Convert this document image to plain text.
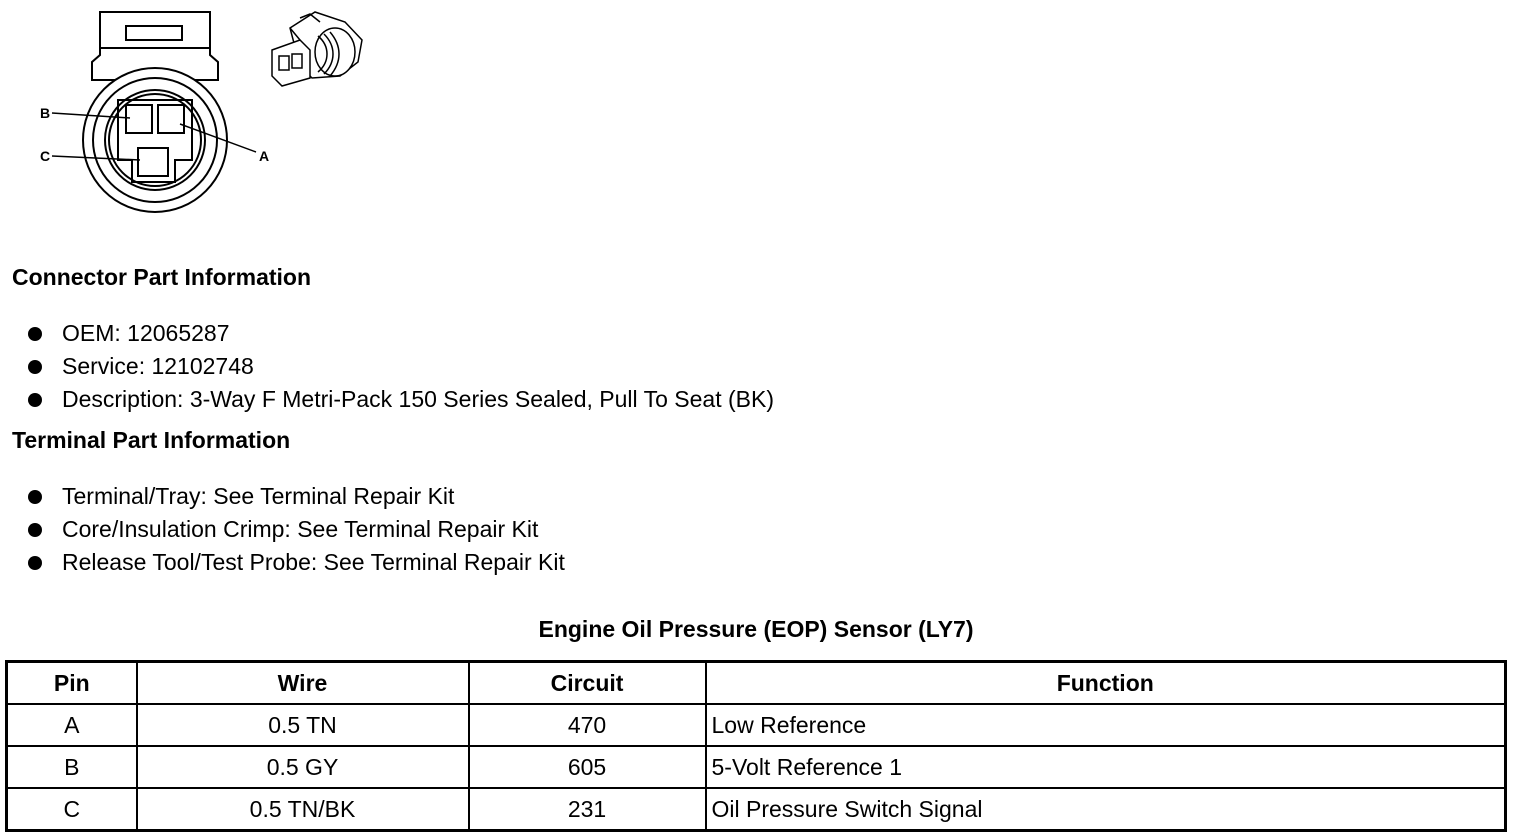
B
C	A
Connector Part Information
OEM: 12065287
Service: 12102748
Description: 3-Way F Metri-Pack 150 Series Sealed, Pull To Seat (BK)
Terminal Part Information
Terminal/Tray: See Terminal Repair Kit
Core/Insulation Crimp: See Terminal Repair Kit
Release Tool/Test Probe: See Terminal Repair Kit
Engine Oil Pressure (EOP) Sensor (LY7)
Pin	Wire	Circuit	Function
A	0.5 TN	470	Low Reference
B	0.5 GY	605	5-Volt Reference 1
C	0.5 TN/BK	231	Oil Pressure Switch Signal
